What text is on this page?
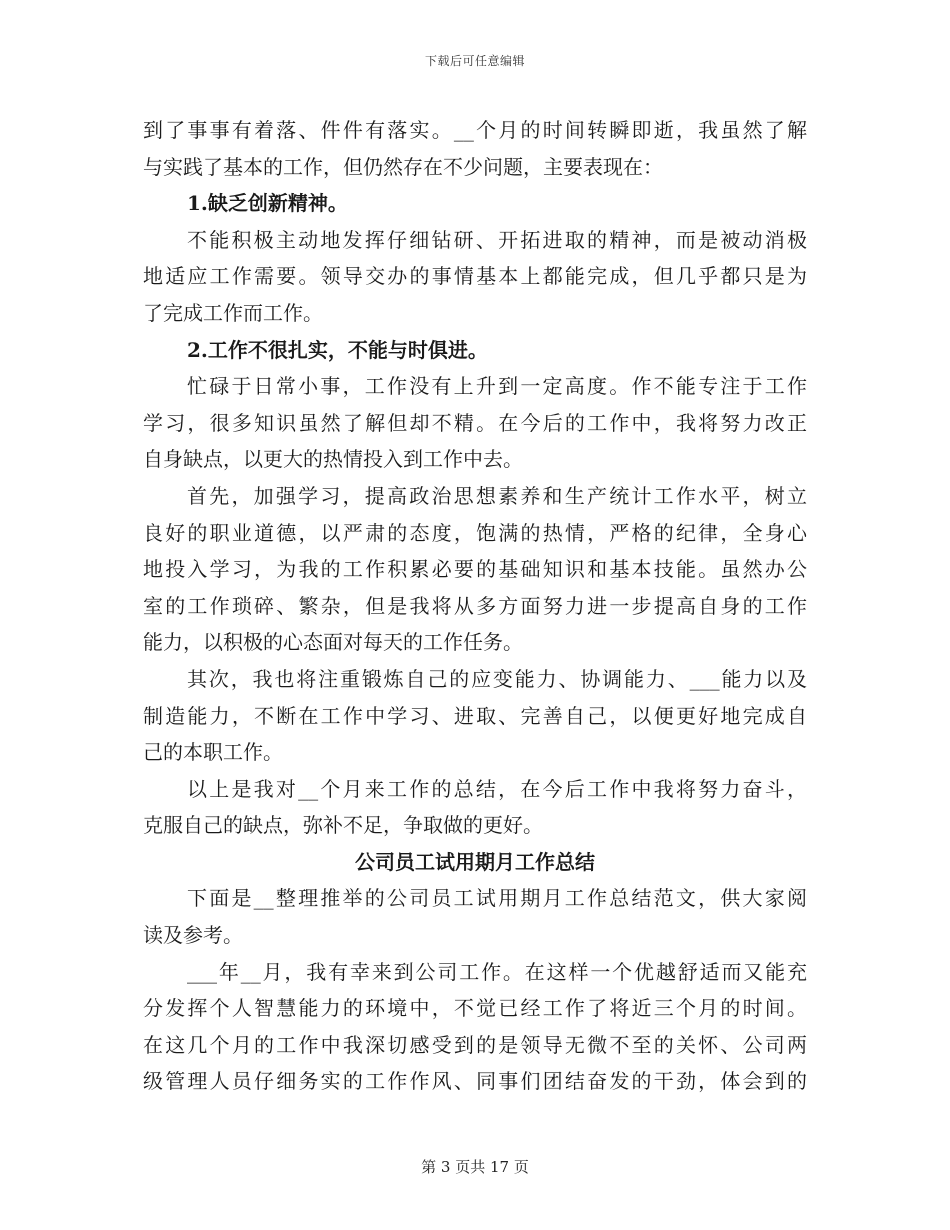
下载后可任意编辑
到了事事有着落、件件有落实。__个月的时间转瞬即逝，我虽然了解
与实践了基本的工作，但仍然存在不少问题，主要表现在：
1.缺乏创新精神。
不能积极主动地发挥仔细钻研、开拓进取的精神，而是被动消极
地适应工作需要。领导交办的事情基本上都能完成，但几乎都只是为
了完成工作而工作。
2.工作不很扎实，不能与时俱进。
忙碌于日常小事，工作没有上升到一定高度。作不能专注于工作
学习，很多知识虽然了解但却不精。在今后的工作中，我将努力改正
自身缺点，以更大的热情投入到工作中去。
首先，加强学习，提高政治思想素养和生产统计工作水平，树立
良好的职业道德，以严肃的态度，饱满的热情，严格的纪律，全身心
地投入学习，为我的工作积累必要的基础知识和基本技能。虽然办公
室的工作琐碎、繁杂，但是我将从多方面努力进一步提高自身的工作
能力，以积极的心态面对每天的工作任务。
其次，我也将注重锻炼自己的应变能力、协调能力、___能力以及
制造能力，不断在工作中学习、进取、完善自己，以便更好地完成自
己的本职工作。
以上是我对__个月来工作的总结，在今后工作中我将努力奋斗，
克服自己的缺点，弥补不足，争取做的更好。
公司员工试用期月工作总结
下面是__整理推举的公司员工试用期月工作总结范文，供大家阅
读及参考。
___年__月，我有幸来到公司工作。在这样一个优越舒适而又能充
分发挥个人智慧能力的环境中，不觉已经工作了将近三个月的时间。
在这几个月的工作中我深切感受到的是领导无微不至的关怀、公司两
级管理人员仔细务实的工作作风、同事们团结奋发的干劲，体会到的
第 3 页共 17 页
